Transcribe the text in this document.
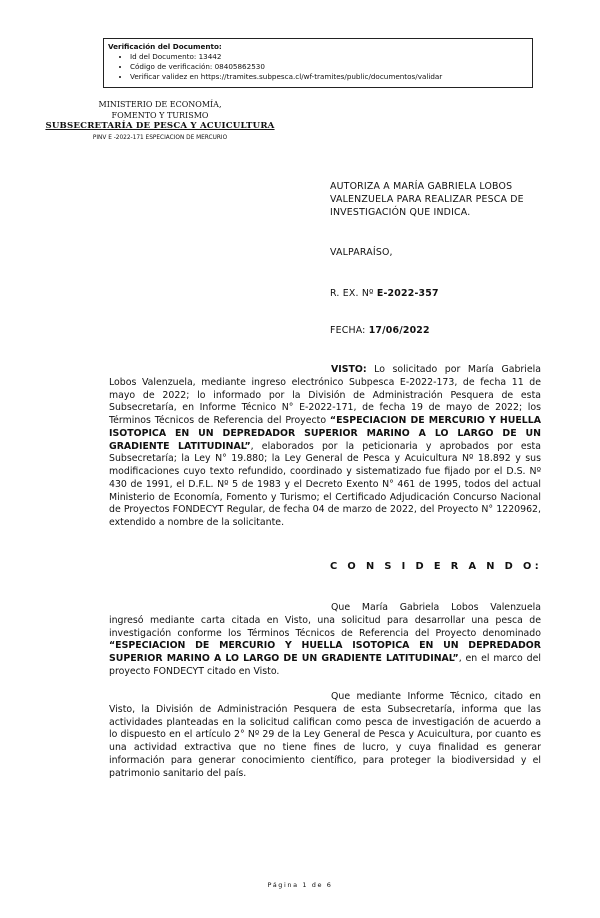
Verificación del Documento:
• Id del Documento: 13442
• Código de verificación: 08405862530
• Verificar validez en https://tramites.subpesca.cl/wf-tramites/public/documentos/validar
MINISTERIO DE ECONOMÍA,
FOMENTO Y TURISMO
SUBSECRETARÍA DE PESCA Y ACUICULTURA
PINV E -2022-171 ESPECIACION DE MERCURIO
AUTORIZA A MARÍA GABRIELA LOBOS VALENZUELA PARA REALIZAR PESCA DE INVESTIGACIÓN QUE INDICA.
VALPARAÍSO,
R. EX. Nº E-2022-357
FECHA: 17/06/2022
VISTO: Lo solicitado por María Gabriela Lobos Valenzuela, mediante ingreso electrónico Subpesca E-2022-173, de fecha 11 de mayo de 2022; lo informado por la División de Administración Pesquera de esta Subsecretaría, en Informe Técnico N° E-2022-171, de fecha 19 de mayo de 2022; los Términos Técnicos de Referencia del Proyecto “ESPECIACION DE MERCURIO Y HUELLA ISOTOPICA EN UN DEPREDADOR SUPERIOR MARINO A LO LARGO DE UN GRADIENTE LATITUDINAL”, elaborados por la peticionaria y aprobados por esta Subsecretaría; la Ley N° 19.880; la Ley General de Pesca y Acuicultura Nº 18.892 y sus modificaciones cuyo texto refundido, coordinado y sistematizado fue fijado por el D.S. Nº 430 de 1991, el D.F.L. Nº 5 de 1983 y el Decreto Exento N° 461 de 1995, todos del actual Ministerio de Economía, Fomento y Turismo; el Certificado Adjudicación Concurso Nacional de Proyectos FONDECYT Regular, de fecha 04 de marzo de 2022, del Proyecto N° 1220962, extendido a nombre de la solicitante.
C O N S I D E R A N D O:
Que María Gabriela Lobos Valenzuela ingresó mediante carta citada en Visto, una solicitud para desarrollar una pesca de investigación conforme los Términos Técnicos de Referencia del Proyecto denominado “ESPECIACION DE MERCURIO Y HUELLA ISOTOPICA EN UN DEPREDADOR SUPERIOR MARINO A LO LARGO DE UN GRADIENTE LATITUDINAL”, en el marco del proyecto FONDECYT citado en Visto.
Que mediante Informe Técnico, citado en Visto, la División de Administración Pesquera de esta Subsecretaría, informa que las actividades planteadas en la solicitud califican como pesca de investigación de acuerdo a lo dispuesto en el artículo 2° Nº 29 de la Ley General de Pesca y Acuicultura, por cuanto es una actividad extractiva que no tiene fines de lucro, y cuya finalidad es generar información para generar conocimiento científico, para proteger la biodiversidad y el patrimonio sanitario del país.
Página 1 de 6
